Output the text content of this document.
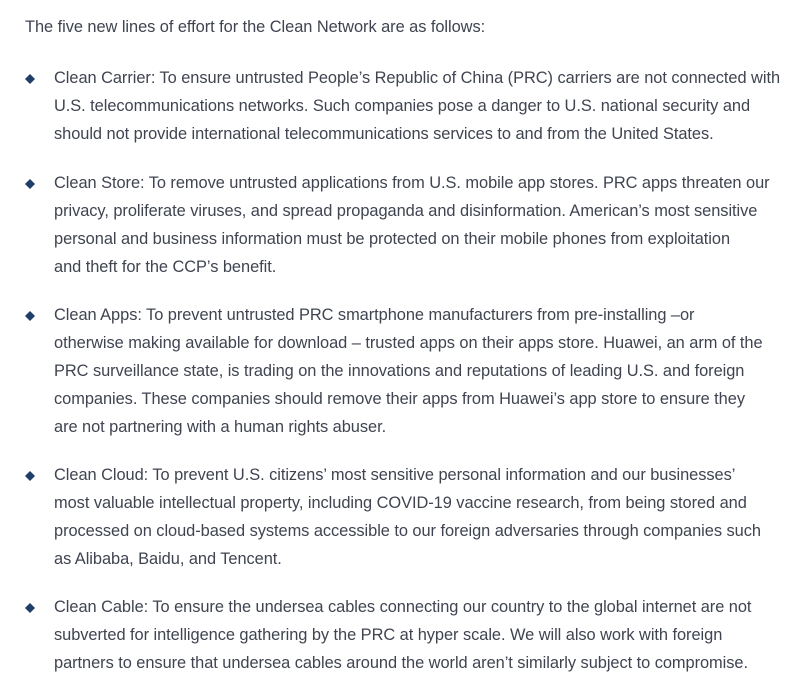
The five new lines of effort for the Clean Network are as follows:

Clean Carrier: To ensure untrusted People’s Republic of China (PRC) carriers are not connected with

U.S. telecommunications networks. Such companies pose a danger to U.S. national security and

should not provide international telecommunications services to and from the United States.

Clean Store: To remove untrusted applications from U.S. mobile app stores. PRC apps threaten our

privacy, proliferate viruses, and spread propaganda and disinformation. American’s most sensitive

personal and business information must be protected on their mobile phones from exploitation

and theft for the CCP’s benefit.

Clean Apps: To prevent untrusted PRC smartphone manufacturers from pre-installing –or

otherwise making available for download – trusted apps on their apps store. Huawei, an arm of the

PRC surveillance state, is trading on the innovations and reputations of leading U.S. and foreign

companies. These companies should remove their apps from Huawei’s app store to ensure they

are not partnering with a human rights abuser.

Clean Cloud: To prevent U.S. citizens’ most sensitive personal information and our businesses’

most valuable intellectual property, including COVID-19 vaccine research, from being stored and

processed on cloud-based systems accessible to our foreign adversaries through companies such

as Alibaba, Baidu, and Tencent.

Clean Cable: To ensure the undersea cables connecting our country to the global internet are not

subverted for intelligence gathering by the PRC at hyper scale. We will also work with foreign

partners to ensure that undersea cables around the world aren’t similarly subject to compromise.
